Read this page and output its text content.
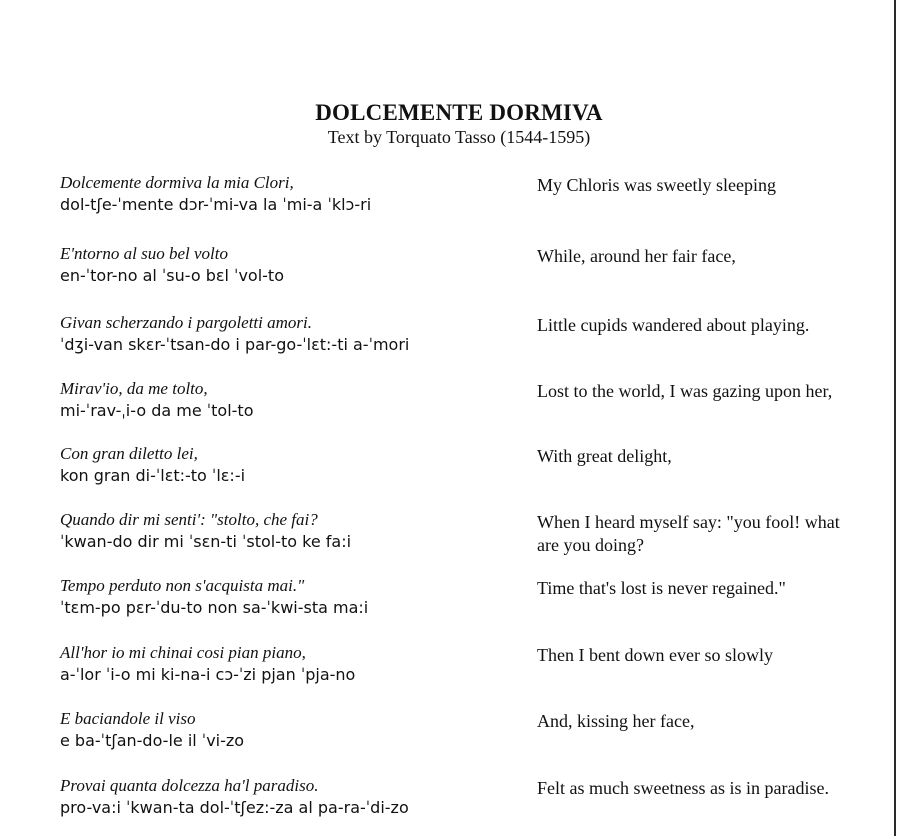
DOLCEMENTE DORMIVA
Text by Torquato Tasso (1544-1595)
Dolcemente dormiva la mia Clori,
dol-tʃe-ˈmente dɔr-ˈmi-va la ˈmi-a ˈklɔ-ri
My Chloris was sweetly sleeping
E'ntorno al suo bel volto
en-ˈtor-no al ˈsu-o bɛl ˈvol-to
While, around her fair face,
Givan scherzando i pargoletti amori.
ˈdʒi-van skɛr-ˈtsan-do i par-go-ˈlɛt:-ti a-ˈmori
Little cupids wandered about playing.
Mirav'io, da me tolto,
mi-ˈrav-ˌi-o da me ˈtol-to
Lost to the world, I was gazing upon her,
Con gran diletto lei,
kon gran di-ˈlɛt:-to ˈlɛ:-i
With great delight,
Quando dir mi senti': "stolto, che fai?
ˈkwan-do dir mi ˈsɛn-ti ˈstol-to ke fa:i
When I heard myself say: "you fool! what are you doing?
Tempo perduto non s'acquista mai."
ˈtɛm-po pɛr-ˈdu-to non sa-ˈkwi-sta ma:i
Time that's lost is never regained."
All'hor io mi chinai cosi pian piano,
a-ˈlor ˈi-o mi ki-na-i cɔ-ˈzi pjan ˈpja-no
Then I bent down ever so slowly
E baciandole il viso
e ba-ˈtʃan-do-le il ˈvi-zo
And, kissing her face,
Provai quanta dolcezza ha'l paradiso.
pro-va:i ˈkwan-ta dol-ˈtʃez:-za al pa-ra-ˈdi-zo
Felt as much sweetness as is in paradise.
